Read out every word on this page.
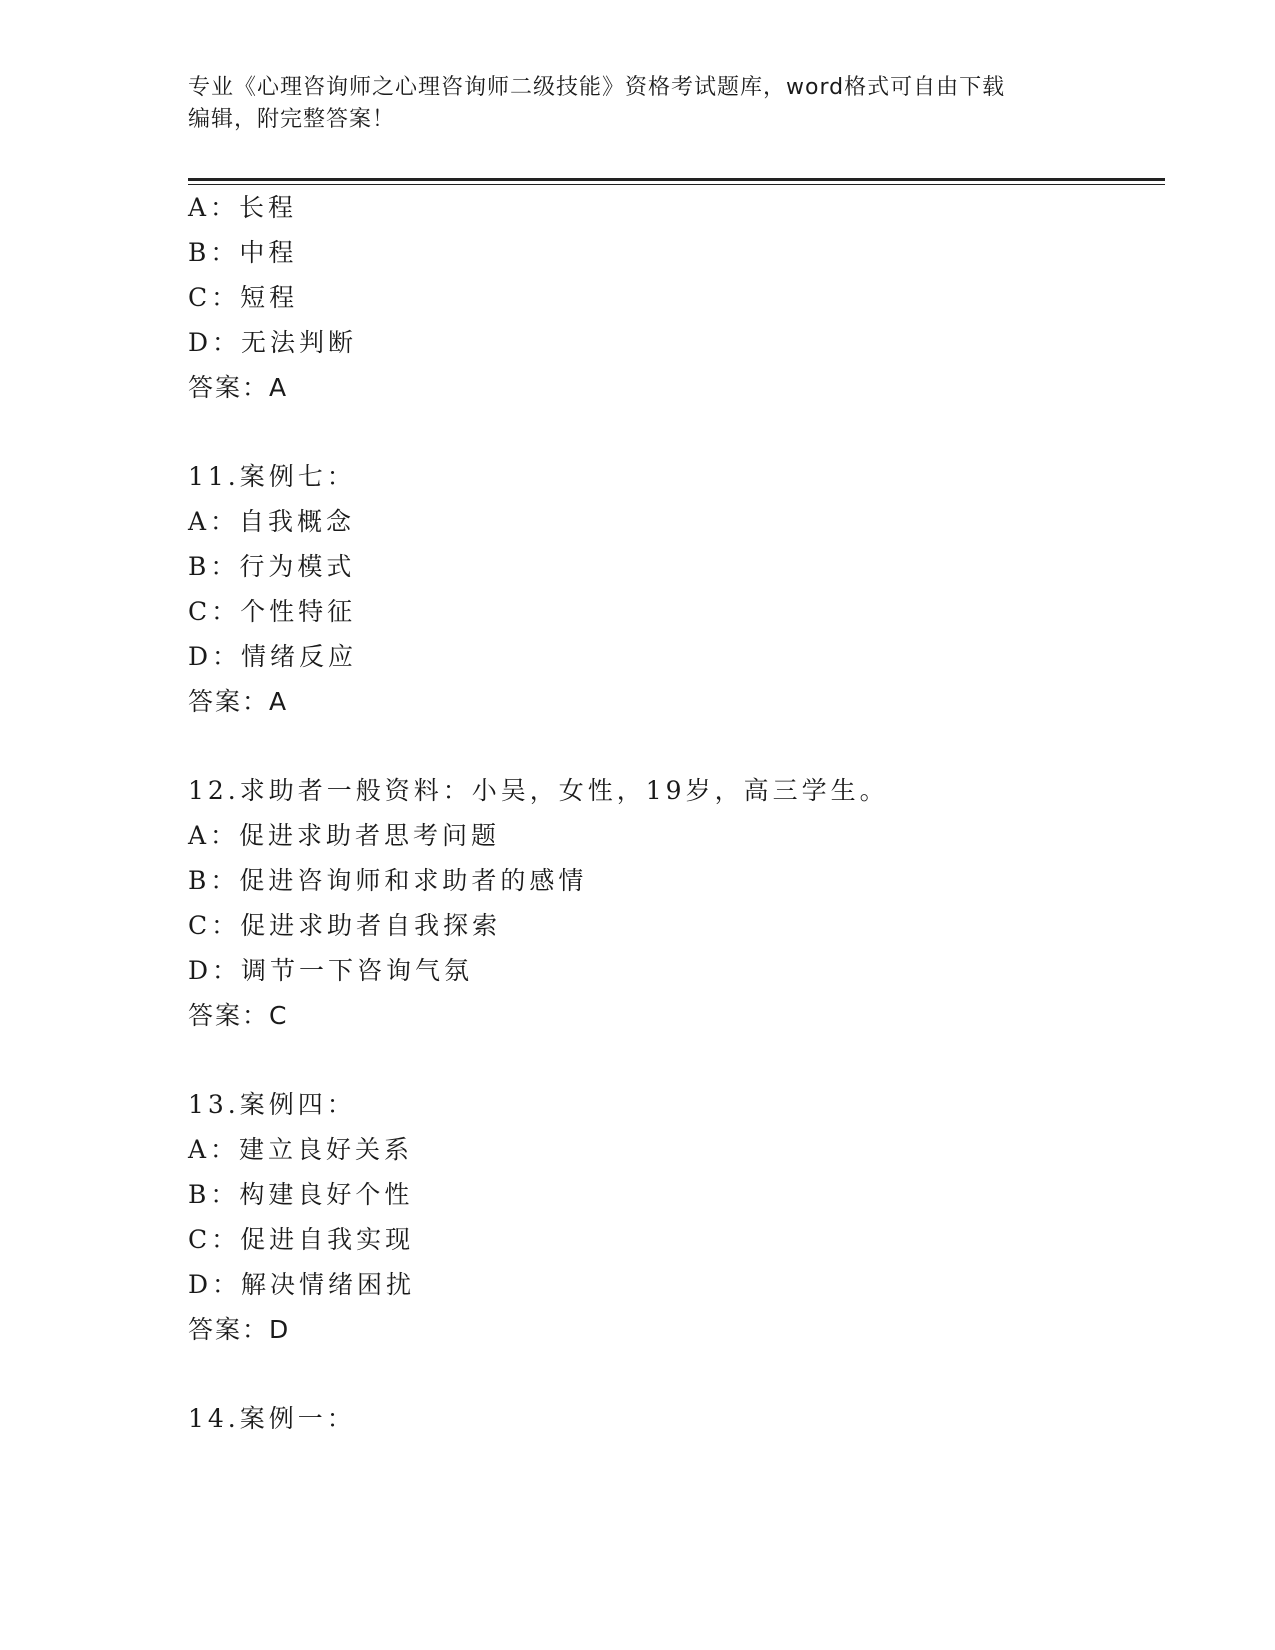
专业《心理咨询师之心理咨询师二级技能》资格考试题库，word格式可自由下载
编辑，附完整答案！
A：长程
B：中程
C：短程
D：无法判断
答案：A
11.案例七：
A：自我概念
B：行为模式
C：个性特征
D：情绪反应
答案：A
12.求助者一般资料：小吴，女性，19岁，高三学生。
A：促进求助者思考问题
B：促进咨询师和求助者的感情
C：促进求助者自我探索
D：调节一下咨询气氛
答案：C
13.案例四：
A：建立良好关系
B：构建良好个性
C：促进自我实现
D：解决情绪困扰
答案：D
14.案例一：
